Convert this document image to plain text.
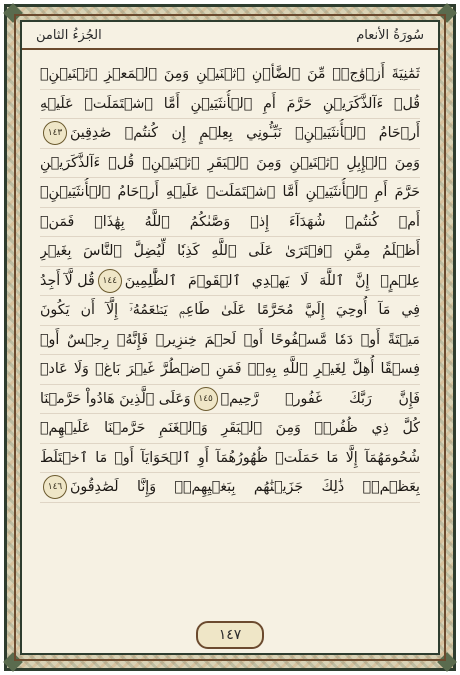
الجُزءُ الثامن	سُورَةُ الأنعام
ثَمَٰنِيَةَ أَزۡوَٰجٖۖ مِّنَ ٱلضَّأۡنِ ٱثۡنَيۡنِ وَمِنَ ٱلۡمَعۡزِ ٱثۡنَيۡنِۗ
قُلۡ ءَآلذَّكَرَيۡنِ حَرَّمَ أَمِ ٱلۡأُنثَيَيۡنِ أَمَّا ٱشۡتَمَلَتۡ عَلَيۡهِ
أَرۡحَامُ ٱلۡأُنثَيَيۡنِۖ نَبِّـُٔونِي بِعِلۡمٍ إِن كُنتُمۡ صَٰدِقِينَ
١٤٣
وَمِنَ ٱلۡإِبِلِ ٱثۡنَيۡنِ وَمِنَ ٱلۡبَقَرِ ٱثۡنَيۡنِۗ قُلۡ ءَآلذَّكَرَيۡنِ
حَرَّمَ أَمِ ٱلۡأُنثَيَيۡنِ أَمَّا ٱشۡتَمَلَتۡ عَلَيۡهِ أَرۡحَامُ ٱلۡأُنثَيَيۡنِۖ
أَمۡ كُنتُمۡ شُهَدَآءَ إِذۡ وَصَّىٰكُمُ ٱللَّهُ بِهَٰذَاۚ فَمَنۡ
أَظۡلَمُ مِمَّنِ ٱفۡتَرَىٰ عَلَى ٱللَّهِ كَذِبٗا لِّيُضِلَّ ٱلنَّاسَ بِغَيۡرِ
عِلۡمٍۚ إِنَّ ٱللَّهَ لَا يَهۡدِي ٱلۡقَوۡمَ ٱلظَّٰلِمِينَ
١٤٤
قُل لَّآ أَجِدُ
فِي مَآ أُوحِيَ إِلَيَّ مُحَرَّمًا عَلَىٰ طَاعِمٖ يَطۡعَمُهُۥٓ إِلَّآ أَن يَكُونَ
مَيۡتَةً أَوۡ دَمٗا مَّسۡفُوحًا أَوۡ لَحۡمَ خِنزِيرٖ فَإِنَّهُۥ رِجۡسٌ أَوۡ
فِسۡقًا أُهِلَّ لِغَيۡرِ ٱللَّهِ بِهِۦۚ فَمَنِ ٱضۡطُرَّ غَيۡرَ بَاغٖ وَلَا عَادٖ
فَإِنَّ رَبَّكَ غَفُورٞ رَّحِيمٞ
١٤٥
وَعَلَى ٱلَّذِينَ هَادُواْ حَرَّمۡنَا
كُلَّ ذِي ظُفُرٖۖ وَمِنَ ٱلۡبَقَرِ وَٱلۡغَنَمِ حَرَّمۡنَا عَلَيۡهِمۡ
شُحُومَهُمَآ إِلَّا مَا حَمَلَتۡ ظُهُورُهُمَآ أَوِ ٱلۡحَوَايَآ أَوۡ مَا ٱخۡتَلَطَ
بِعَظۡمٖۚ ذَٰلِكَ جَزَيۡنَٰهُم بِبَغۡيِهِمۡۖ وَإِنَّا لَصَٰدِقُونَ
١٤٦
١٤٧
